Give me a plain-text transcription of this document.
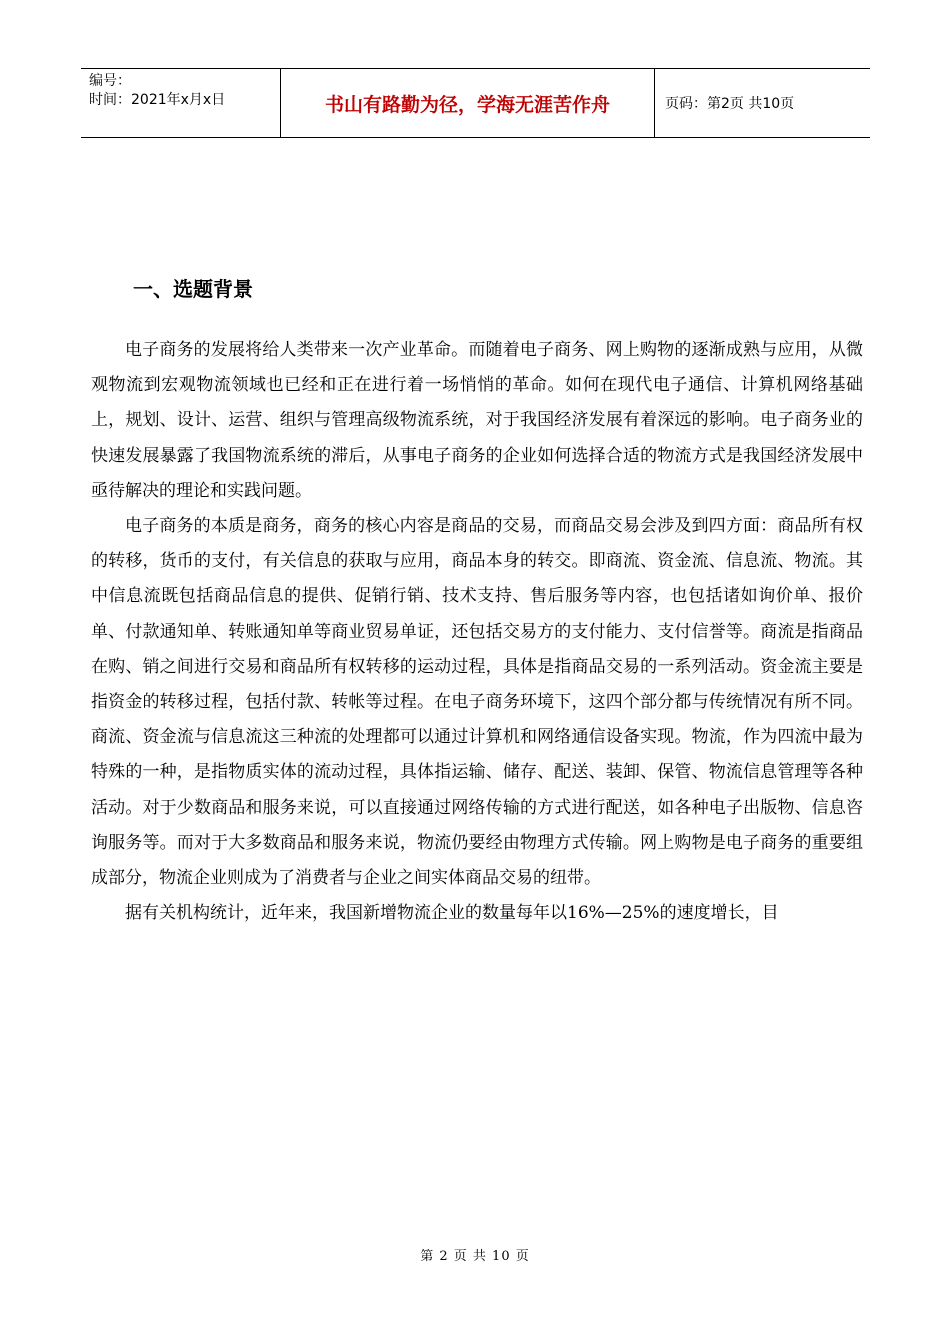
编号：
时间：2021年x月x日	书山有路勤为径，学海无涯苦作舟	页码：第2页 共10页
一、选题背景

电子商务的发展将给人类带来一次产业革命。而随着电子商务、网上购物的逐渐成熟与应用，从微观物流到宏观物流领域也已经和正在进行着一场悄悄的革命。如何在现代电子通信、计算机网络基础上，规划、设计、运营、组织与管理高级物流系统，对于我国经济发展有着深远的影响。电子商务业的快速发展暴露了我国物流系统的滞后，从事电子商务的企业如何选择合适的物流方式是我国经济发展中亟待解决的理论和实践问题。

电子商务的本质是商务，商务的核心内容是商品的交易，而商品交易会涉及到四方面：商品所有权的转移，货币的支付，有关信息的获取与应用，商品本身的转交。即商流、资金流、信息流、物流。其中信息流既包括商品信息的提供、促销行销、技术支持、售后服务等内容，也包括诸如询价单、报价单、付款通知单、转账通知单等商业贸易单证，还包括交易方的支付能力、支付信誉等。商流是指商品在购、销之间进行交易和商品所有权转移的运动过程，具体是指商品交易的一系列活动。资金流主要是指资金的转移过程，包括付款、转帐等过程。在电子商务环境下，这四个部分都与传统情况有所不同。商流、资金流与信息流这三种流的处理都可以通过计算机和网络通信设备实现。物流，作为四流中最为特殊的一种，是指物质实体的流动过程，具体指运输、储存、配送、装卸、保管、物流信息管理等各种活动。对于少数商品和服务来说，可以直接通过网络传输的方式进行配送，如各种电子出版物、信息咨询服务等。而对于大多数商品和服务来说，物流仍要经由物理方式传输。网上购物是电子商务的重要组成部分，物流企业则成为了消费者与企业之间实体商品交易的纽带。

据有关机构统计，近年来，我国新增物流企业的数量每年以16%—25%的速度增长，目

第 2 页 共 10 页
